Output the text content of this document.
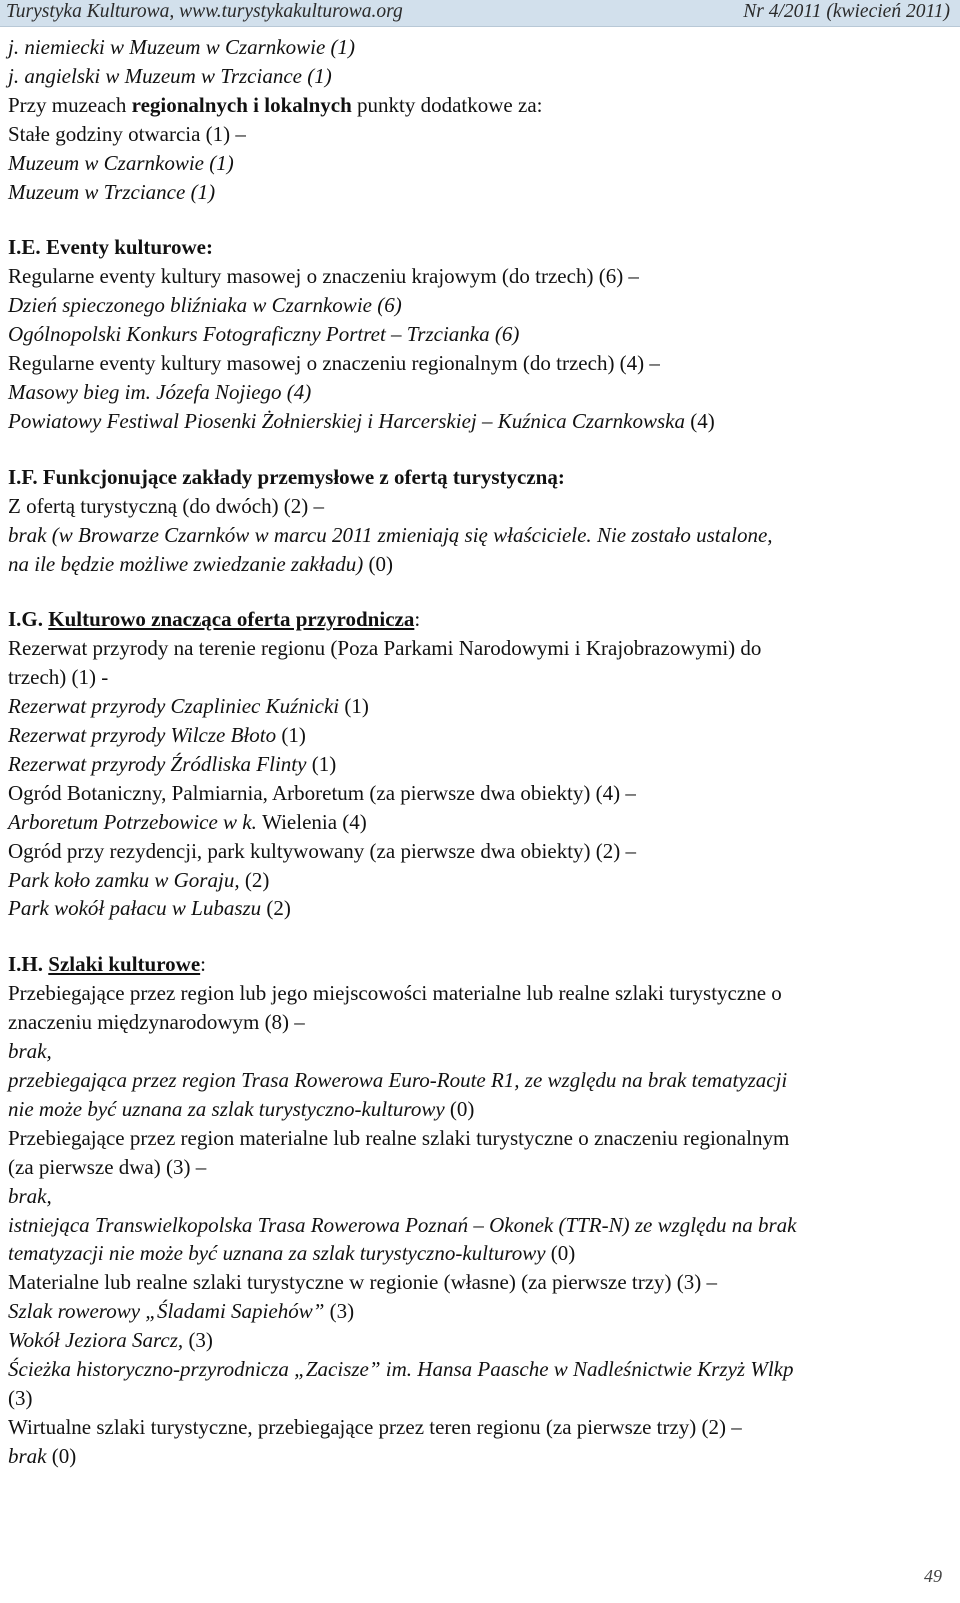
Turystyka Kulturowa, www.turystykakulturowa.org	Nr 4/2011 (kwiecień 2011)

j. niemiecki w Muzeum w Czarnkowie (1)

j. angielski w Muzeum w Trzciance (1)

Przy muzeach regionalnych i lokalnych punkty dodatkowe za:

Stałe godziny otwarcia (1) –

Muzeum w Czarnkowie (1)

Muzeum w Trzciance (1)

I.E. Eventy kulturowe:

Regularne eventy kultury masowej o znaczeniu krajowym (do trzech) (6) –

Dzień spieczonego bliźniaka w Czarnkowie (6)

Ogólnopolski Konkurs Fotograficzny Portret – Trzcianka (6)

Regularne eventy kultury masowej o znaczeniu regionalnym (do trzech) (4) –

Masowy bieg im. Józefa Nojiego (4)

Powiatowy Festiwal Piosenki Żołnierskiej i Harcerskiej – Kuźnica Czarnkowska (4)

I.F. Funkcjonujące zakłady przemysłowe z ofertą turystyczną:

Z ofertą turystyczną (do dwóch) (2) –

brak (w Browarze Czarnków w marcu 2011 zmieniają się właściciele. Nie zostało ustalone,

na ile będzie możliwe zwiedzanie zakładu) (0)

I.G. Kulturowo znacząca oferta przyrodnicza:

Rezerwat przyrody na terenie regionu (Poza Parkami Narodowymi i Krajobrazowymi) do

trzech) (1) -

Rezerwat przyrody Czapliniec Kuźnicki (1)

Rezerwat przyrody Wilcze Błoto (1)

Rezerwat przyrody Źródliska Flinty (1)

Ogród Botaniczny, Palmiarnia, Arboretum (za pierwsze dwa obiekty) (4) –

Arboretum Potrzebowice w k. Wielenia (4)

Ogród przy rezydencji, park kultywowany (za pierwsze dwa obiekty) (2) –

Park koło zamku w Goraju, (2)

Park wokół pałacu w Lubaszu (2)

I.H. Szlaki kulturowe:

Przebiegające przez region lub jego miejscowości materialne lub realne szlaki turystyczne o

znaczeniu międzynarodowym (8) –

brak,

przebiegająca przez region Trasa Rowerowa Euro-Route R1, ze względu na brak tematyzacji

nie może być uznana za szlak turystyczno-kulturowy (0)

Przebiegające przez region materialne lub realne szlaki turystyczne o znaczeniu regionalnym

(za pierwsze dwa) (3) –

brak,

istniejąca Transwielkopolska Trasa Rowerowa Poznań – Okonek (TTR-N) ze względu na brak

tematyzacji nie może być uznana za szlak turystyczno-kulturowy (0)

Materialne lub realne szlaki turystyczne w regionie (własne) (za pierwsze trzy) (3) –

Szlak rowerowy „Śladami Sapiehów” (3)

Wokół Jeziora Sarcz, (3)

Ścieżka historyczno-przyrodnicza „Zacisze” im. Hansa Paasche w Nadleśnictwie Krzyż Wlkp

(3)

Wirtualne szlaki turystyczne, przebiegające przez teren regionu (za pierwsze trzy) (2) –

brak (0)

49
